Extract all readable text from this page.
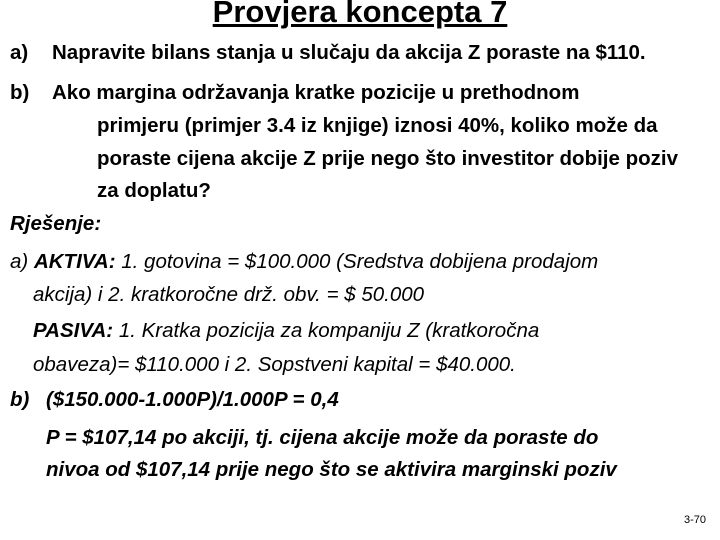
Provjera koncepta 7
a) Napravite bilans stanja u slučaju da akcija Z poraste na $110.
b) Ako margina održavanja kratke pozicije u prethodnom
primjeru (primjer 3.4 iz knjige) iznosi 40%, koliko može da
poraste cijena akcije Z prije nego što investitor dobije poziv
za doplatu?
Rješenje:
a) AKTIVA: 1. gotovina = $100.000 (Sredstva dobijena prodajom
akcija) i 2. kratkoročne drž. obv. = $ 50.000
PASIVA: 1. Kratka pozicija za kompaniju Z (kratkoročna
obaveza)= $110.000 i 2. Sopstveni kapital = $40.000.
b) ($150.000-1.000P)/1.000P = 0,4
P = $107,14 po akciji, tj. cijena akcije može da poraste do
nivoa od $107,14 prije nego što se aktivira marginski poziv
3-70
